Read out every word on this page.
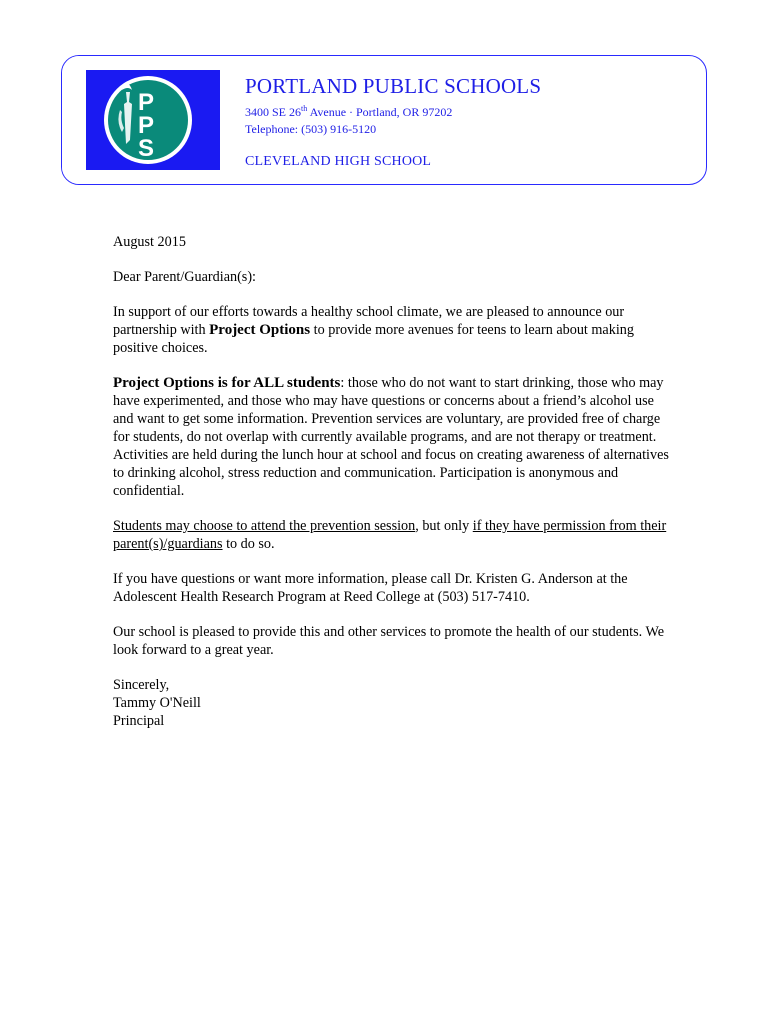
P
P
S
PORTLAND PUBLIC SCHOOLS
3400 SE 26th Avenue · Portland, OR 97202
Telephone: (503) 916-5120
CLEVELAND HIGH SCHOOL

August 2015

Dear Parent/Guardian(s):

In support of our efforts towards a healthy school climate, we are pleased to announce our partnership with Project Options to provide more avenues for teens to learn about making positive choices.

Project Options is for ALL students: those who do not want to start drinking, those who may have experimented, and those who may have questions or concerns about a friend’s alcohol use and want to get some information. Prevention services are voluntary, are provided free of charge for students, do not overlap with currently available programs, and are not therapy or treatment. Activities are held during the lunch hour at school and focus on creating awareness of alternatives to drinking alcohol, stress reduction and communication. Participation is anonymous and confidential.

Students may choose to attend the prevention session, but only if they have permission from their parent(s)/guardians to do so.

If you have questions or want more information, please call Dr. Kristen G. Anderson at the Adolescent Health Research Program at Reed College at (503) 517-7410.

Our school is pleased to provide this and other services to promote the health of our students. We look forward to a great year.

Sincerely,

Tammy O'Neill

Principal
